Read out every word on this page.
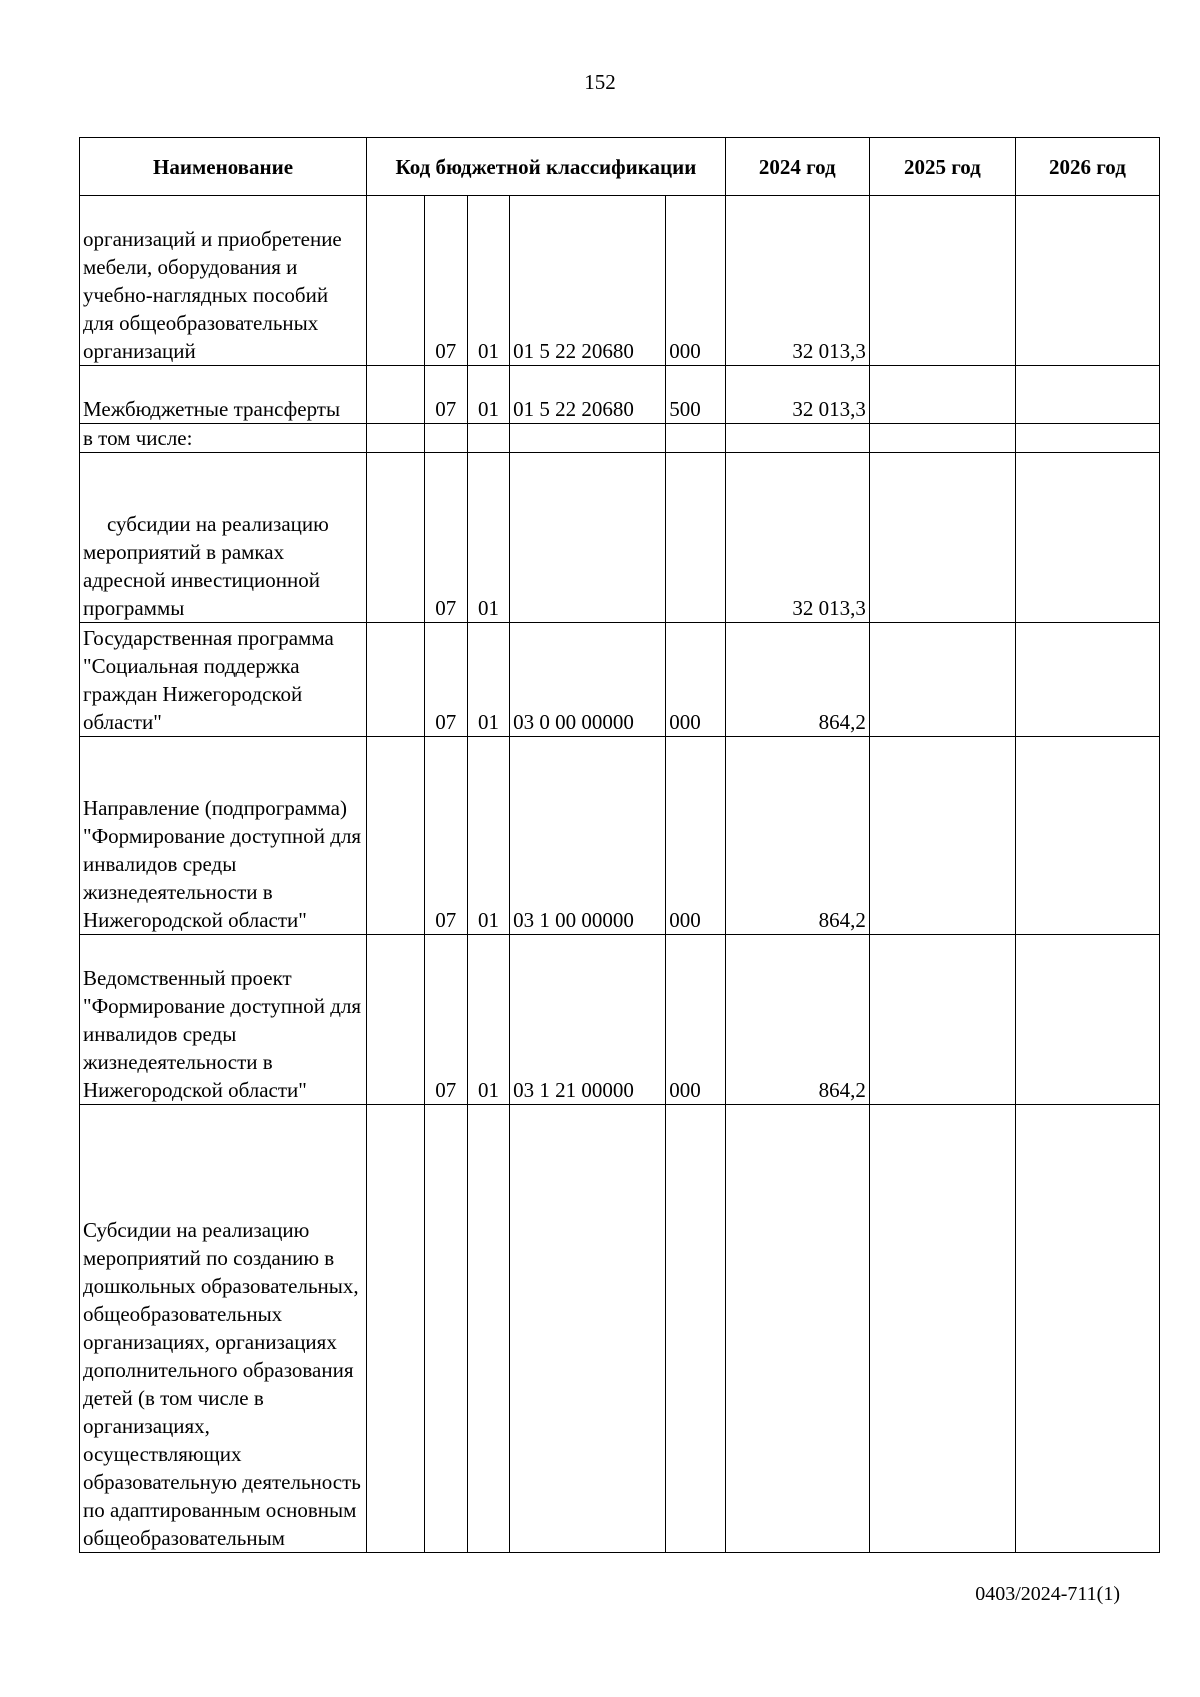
152
Наименование	Код бюджетной классификации					2024 год	2025 год	2026 год
организаций и приобретение мебели, оборудования и учебно-наглядных пособий для общеобразовательных организаций		07	01	01 5 22 20680	000	32 013,3		
Межбюджетные трансферты		07	01	01 5 22 20680	500	32 013,3		
в том числе:								
субсидии на реализацию мероприятий в рамках адресной инвестиционной программы		07	01			32 013,3		
Государственная программа "Социальная поддержка граждан Нижегородской области"		07	01	03 0 00 00000	000	864,2		
Направление (подпрограмма) "Формирование доступной для инвалидов среды жизнедеятельности в Нижегородской области"		07	01	03 1 00 00000	000	864,2		
Ведомственный проект "Формирование доступной для инвалидов среды жизнедеятельности в Нижегородской области"		07	01	03 1 21 00000	000	864,2		
Субсидии на реализацию мероприятий по созданию в дошкольных образовательных, общеобразовательных организациях, организациях дополнительного образования детей (в том числе в организациях, осуществляющих образовательную деятельность по адаптированным основным общеобразовательным								
0403/2024-711(1)
